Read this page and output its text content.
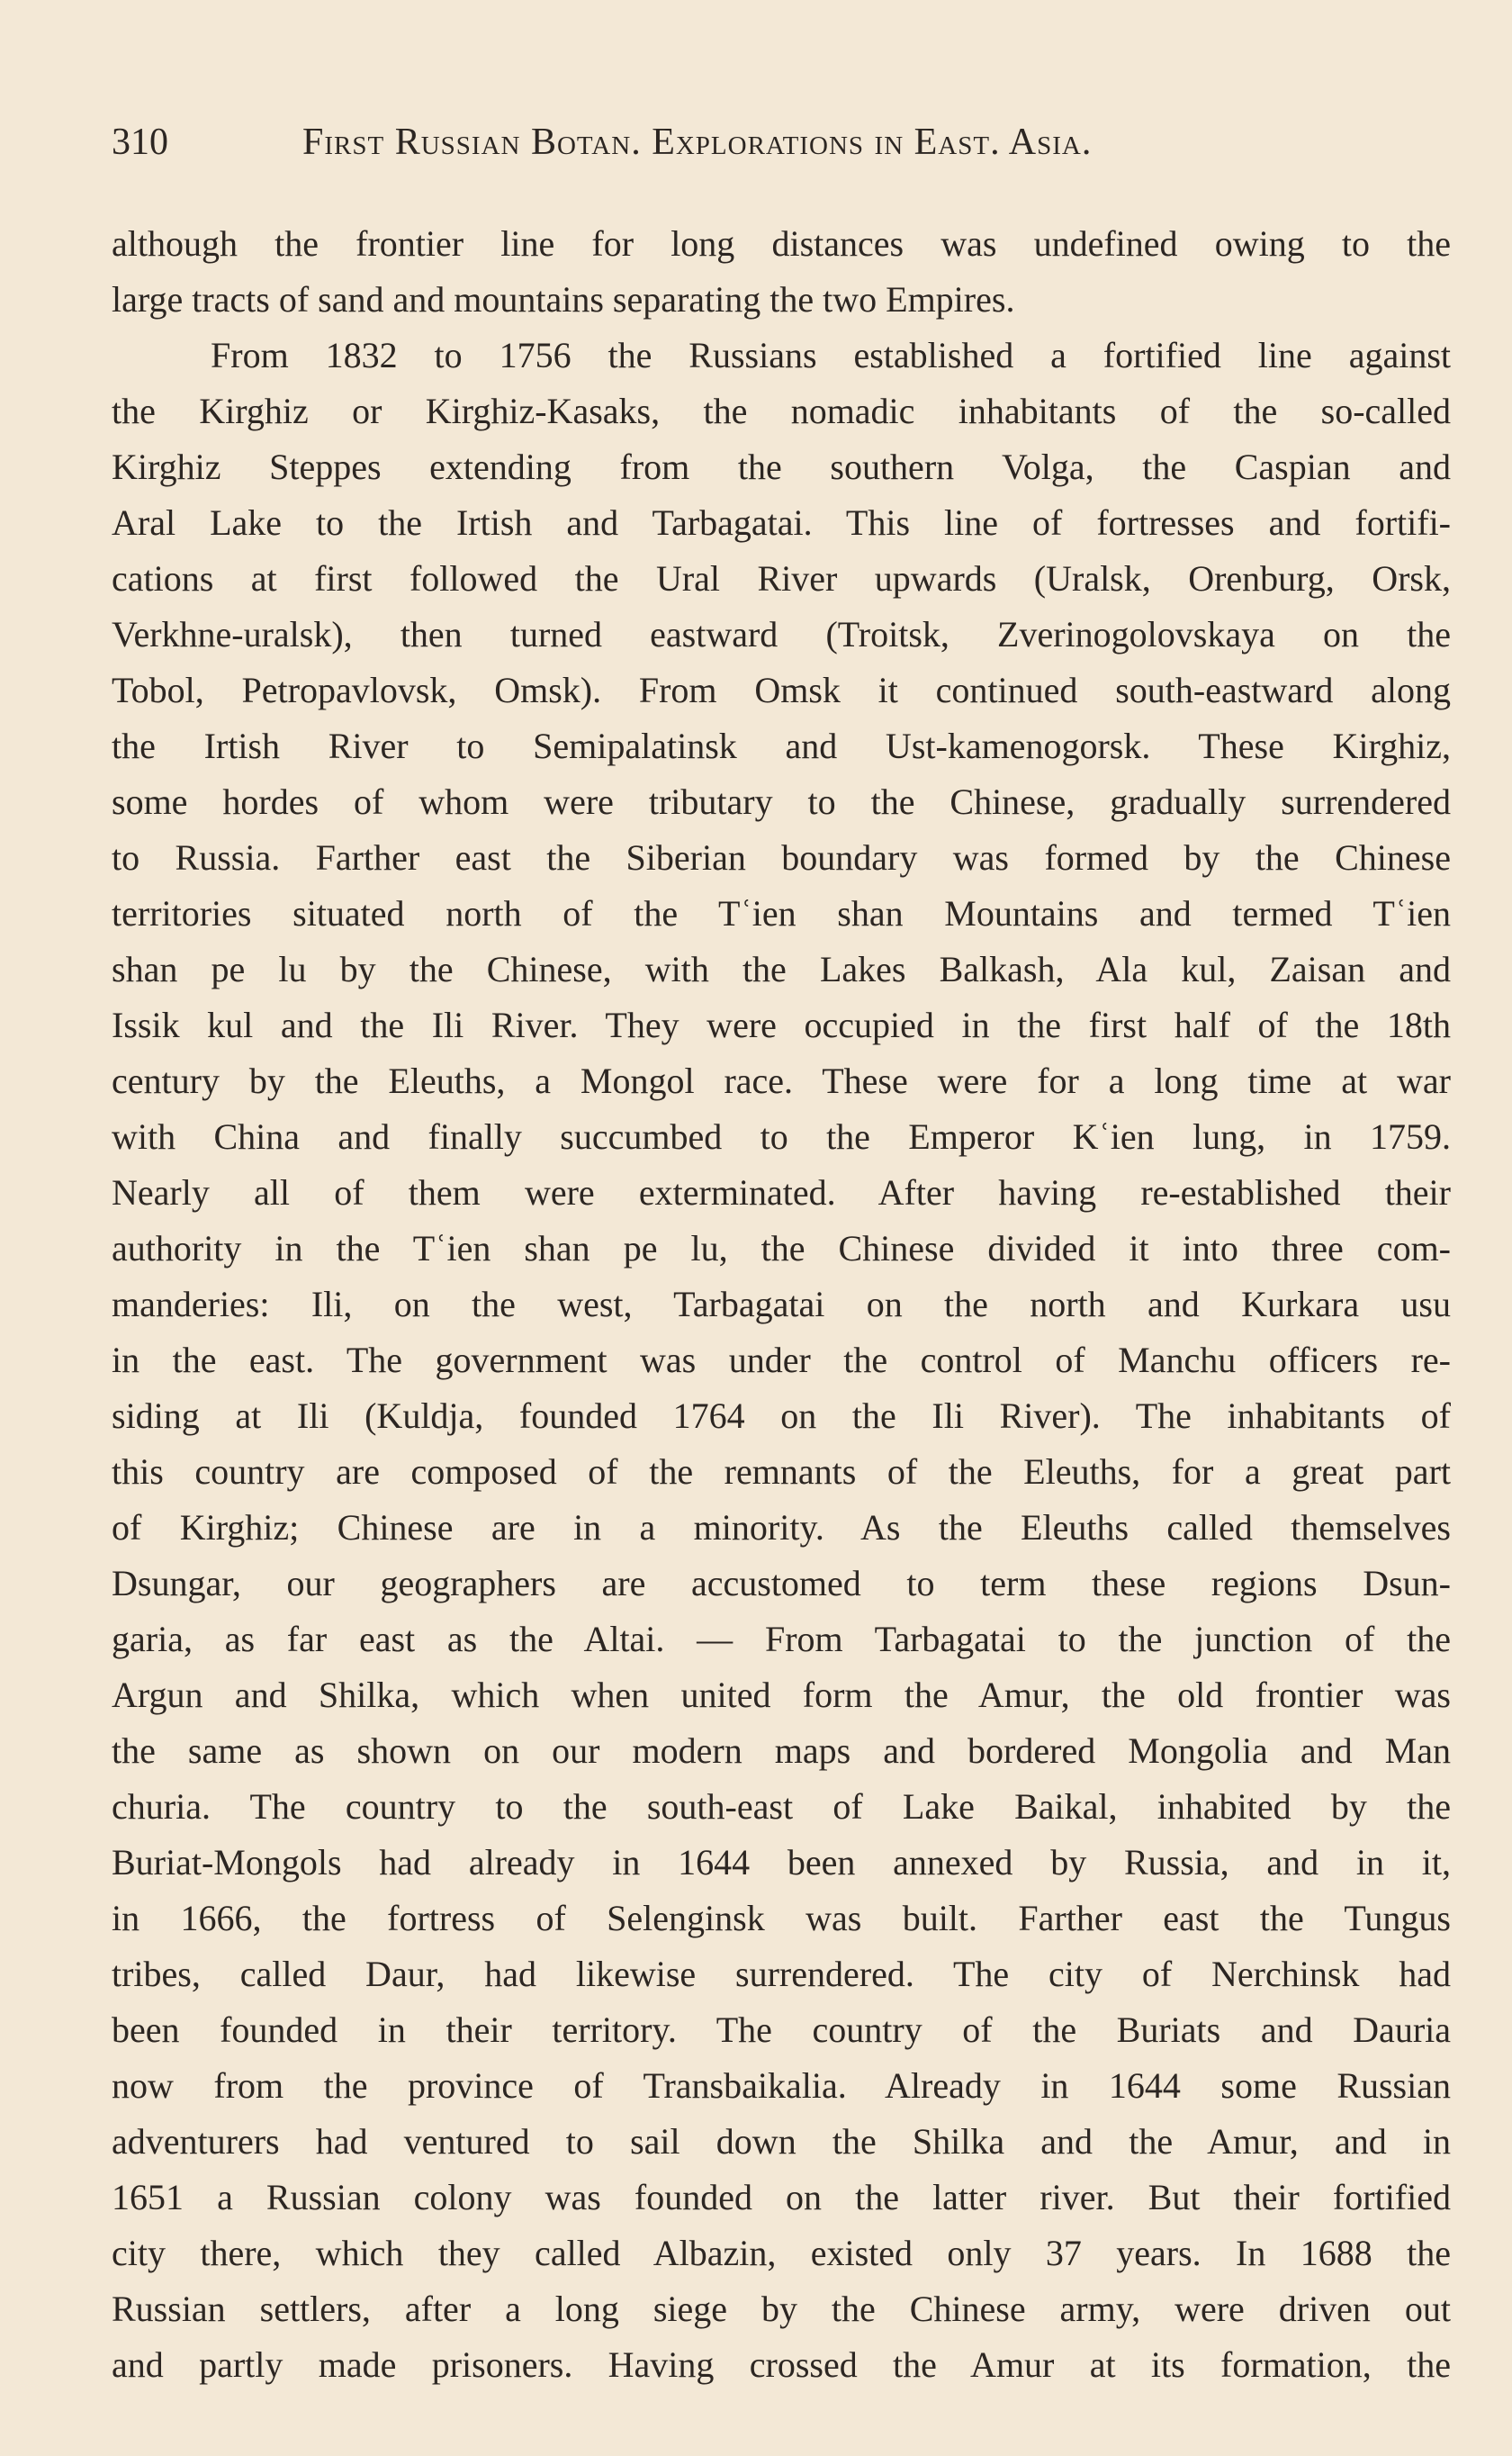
310	First Russian Botan. Explorations in East. Asia.
although the frontier line for long distances was undefined owing to the
large tracts of sand and mountains separating the two Empires.
From 1832 to 1756 the Russians established a fortified line against
the Kirghiz or Kirghiz-Kasaks, the nomadic inhabitants of the so-called
Kirghiz Steppes extending from the southern Volga, the Caspian and
Aral Lake to the Irtish and Tarbagatai. This line of fortresses and fortifi-
cations at first followed the Ural River upwards (Uralsk, Orenburg, Orsk,
Verkhne-uralsk), then turned eastward (Troitsk, Zverinogolovskaya on the
Tobol, Petropavlovsk, Omsk). From Omsk it continued south-eastward along
the Irtish River to Semipalatinsk and Ust-kamenogorsk. These Kirghiz,
some hordes of whom were tributary to the Chinese, gradually surrendered
to Russia. Farther east the Siberian boundary was formed by the Chinese
territories situated north of the Tʿien shan Mountains and termed Tʿien
shan pe lu by the Chinese, with the Lakes Balkash, Ala kul, Zaisan and
Issik kul and the Ili River. They were occupied in the first half of the 18th
century by the Eleuths, a Mongol race. These were for a long time at war
with China and finally succumbed to the Emperor Kʿien lung, in 1759.
Nearly all of them were exterminated. After having re-established their
authority in the Tʿien shan pe lu, the Chinese divided it into three com-
manderies: Ili, on the west, Tarbagatai on the north and Kurkara usu
in the east. The government was under the control of Manchu officers re-
siding at Ili (Kuldja, founded 1764 on the Ili River). The inhabitants of
this country are composed of the remnants of the Eleuths, for a great part
of Kirghiz; Chinese are in a minority. As the Eleuths called themselves
Dsungar, our geographers are accustomed to term these regions Dsun-
garia, as far east as the Altai. — From Tarbagatai to the junction of the
Argun and Shilka, which when united form the Amur, the old frontier was
the same as shown on our modern maps and bordered Mongolia and Man
churia. The country to the south-east of Lake Baikal, inhabited by the
Buriat-Mongols had already in 1644 been annexed by Russia, and in it,
in 1666, the fortress of Selenginsk was built. Farther east the Tungus
tribes, called Daur, had likewise surrendered. The city of Nerchinsk had
been founded in their territory. The country of the Buriats and Dauria
now from the province of Transbaikalia. Already in 1644 some Russian
adventurers had ventured to sail down the Shilka and the Amur, and in
1651 a Russian colony was founded on the latter river. But their fortified
city there, which they called Albazin, existed only 37 years. In 1688 the
Russian settlers, after a long siege by the Chinese army, were driven out
and partly made prisoners. Having crossed the Amur at its formation, the
